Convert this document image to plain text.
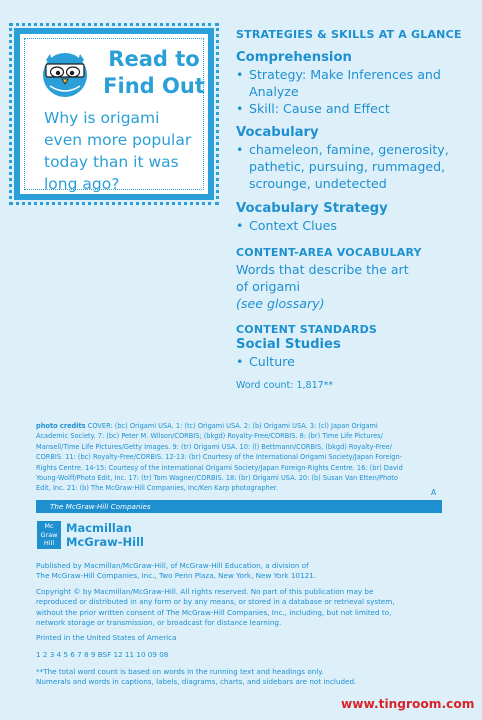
Read to
Find Out
Why is origami
even more popular
today than it was
long ago?
STRATEGIES & SKILLS AT A GLANCE
Comprehension
• Strategy: Make Inferences and
Analyze
• Skill: Cause and Effect
Vocabulary
• chameleon, famine, generosity,
pathetic, pursuing, rummaged,
scrounge, undetected
Vocabulary Strategy
• Context Clues
CONTENT-AREA VOCABULARY
Words that describe the art
of origami
(see glossary)
CONTENT STANDARDS
Social Studies
• Culture
Word count: 1,817**
photo credits COVER: (bc) Origami USA. 1: (tc) Origami USA. 2: (b) Origami USA. 3: (cl) Japan Origami
Academic Society. 7: (bc) Peter M. Wilson/CORBIS; (bkgd) Royalty-Free/CORBIS. 8: (br) Time Life Pictures/
Mansell/Time Life Pictures/Getty Images. 9: (tr) Origami USA. 10: (l) Bettmann/CORBIS, (bkgd) Royalty-Free/
CORBIS. 11: (bc) Royalty-Free/CORBIS. 12-13: (br) Courtesy of the International Origami Society/Japan Foreign-
Rights Centre. 14-15: Courtesy of the International Origami Society/Japan Foreign-Rights Centre. 16: (br) David
Young-Wolff/Photo Edit, Inc. 17: (tr) Tom Wagner/CORBIS. 18: (br) Origami USA. 20: (b) Susan Van Etten/Photo
Edit, Inc. 21: (b) The McGraw-Hill Companies, Inc/Ken Karp photographer.	A
The McGraw·Hill Companies
Mc
Graw
Hill
Macmillan
McGraw-Hill
Published by Macmillan/McGraw-Hill, of McGraw-Hill Education, a division of
The McGraw-Hill Companies, Inc., Two Penn Plaza, New York, New York 10121.
Copyright © by Macmillan/McGraw-Hill. All rights reserved. No part of this publication may be
reproduced or distributed in any form or by any means, or stored in a database or retrieval system,
without the prior written consent of The McGraw-Hill Companies, Inc., including, but not limited to,
network storage or transmission, or broadcast for distance learning.
Printed in the United States of America
1 2 3 4 5 6 7 8 9 BSF 12 11 10 09 08
**The total word count is based on words in the running text and headings only.
Numerals and words in captions, labels, diagrams, charts, and sidebars are not included.
www.tingroom.com
